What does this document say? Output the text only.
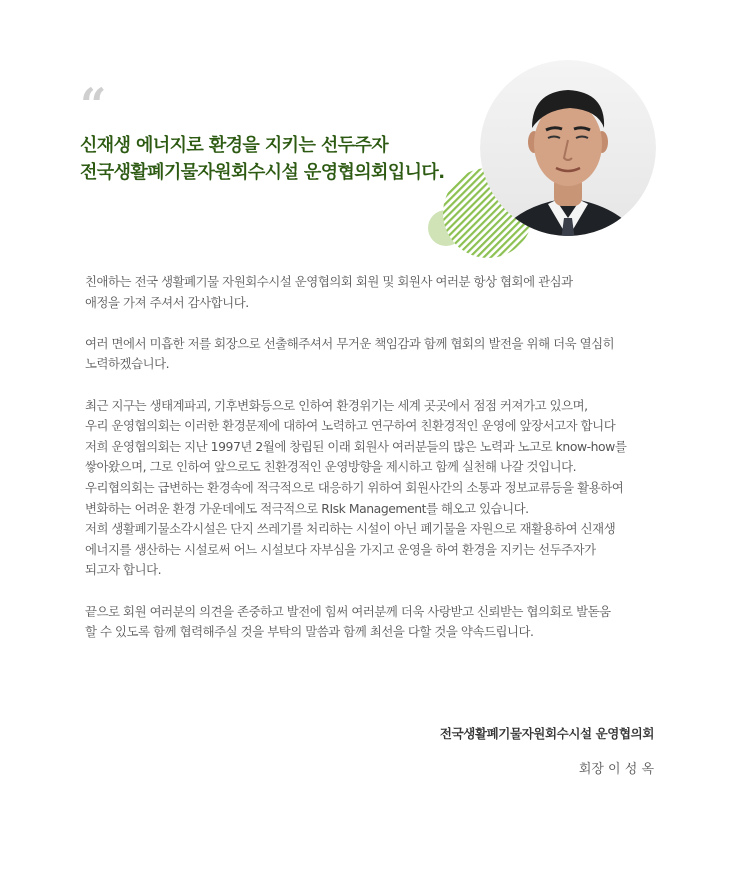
“
신재생 에너지로 환경을 지키는 선두주자
전국생활폐기물자원회수시설 운영협의회입니다.

친애하는 전국 생활폐기물 자원회수시설 운영협의회 회원 및 회원사 여러분 항상 협회에 관심과
애정을 가져 주셔서 감사합니다.

여러 면에서 미흡한 저를 회장으로 선출해주셔서 무거운 책임감과 함께 협회의 발전을 위해 더욱 열심히
노력하겠습니다.

최근 지구는 생태계파괴, 기후변화등으로 인하여 환경위기는 세계 곳곳에서 점점 커져가고 있으며,
우리 운영협의회는 이러한 환경문제에 대하여 노력하고 연구하여 친환경적인 운영에 앞장서고자 합니다
저희 운영협의회는 지난 1997년 2월에 창립된 이래 회원사 여러분들의 많은 노력과 노고로 know-how를
쌓아왔으며, 그로 인하여 앞으로도 친환경적인 운영방향을 제시하고 함께 실천해 나갈 것입니다.
우리협의회는 급변하는 환경속에 적극적으로 대응하기 위하여 회원사간의 소통과 정보교류등을 활용하여
변화하는 어려운 환경 가운데에도 적극적으로 RIsk Management를 해오고 있습니다.
저희 생활폐기물소각시설은 단지 쓰레기를 처리하는 시설이 아닌 폐기물을 자원으로 재활용하여 신재생
에너지를 생산하는 시설로써 어느 시설보다 자부심을 가지고 운영을 하여 환경을 지키는 선두주자가
되고자 합니다.

끝으로 회원 여러분의 의견을 존중하고 발전에 힘써 여러분께 더욱 사랑받고 신뢰받는 협의회로 발돋움
할 수 있도록 함께 협력해주실 것을 부탁의 말씀과 함께 최선을 다할 것을 약속드립니다.

전국생활폐기물자원회수시설 운영협의회
회장 이 성 옥
